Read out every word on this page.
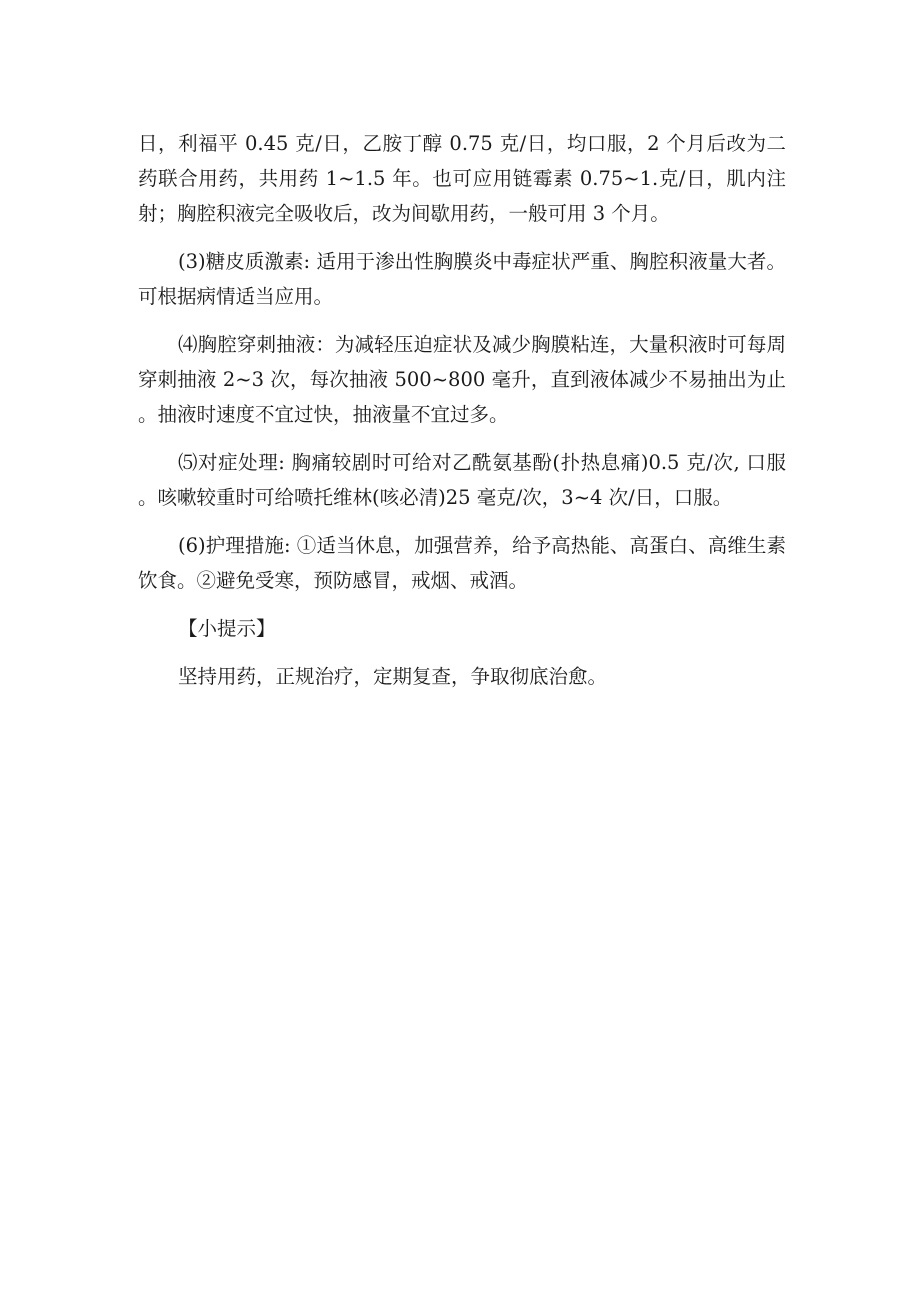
日，利福平 0.45 克/日，乙胺丁醇 0.75 克/日，均口服，2 个月后改为二药联合用药，共用药 1~1.5 年。也可应用链霉素 0.75~1.克/日，肌内注射；胸腔积液完全吸收后，改为间歇用药，一般可用 3 个月。

(3)糖皮质激素: 适用于渗出性胸膜炎中毒症状严重、胸腔积液量大者。可根据病情适当应用。

⑷胸腔穿刺抽液：为减轻压迫症状及减少胸膜粘连，大量积液时可每周穿刺抽液 2~3 次，每次抽液 500~800 毫升，直到液体减少不易抽出为止。抽液时速度不宜过快，抽液量不宜过多。

⑸对症处理: 胸痛较剧时可给对乙酰氨基酚(扑热息痛)0.5 克/次, 口服。咳嗽较重时可给喷托维林(咳必清)25 毫克/次，3~4 次/日，口服。

(6)护理措施: ①适当休息，加强营养，给予高热能、高蛋白、高维生素饮食。②避免受寒，预防感冒，戒烟、戒酒。

【小提示】

坚持用药，正规治疗，定期复查，争取彻底治愈。
